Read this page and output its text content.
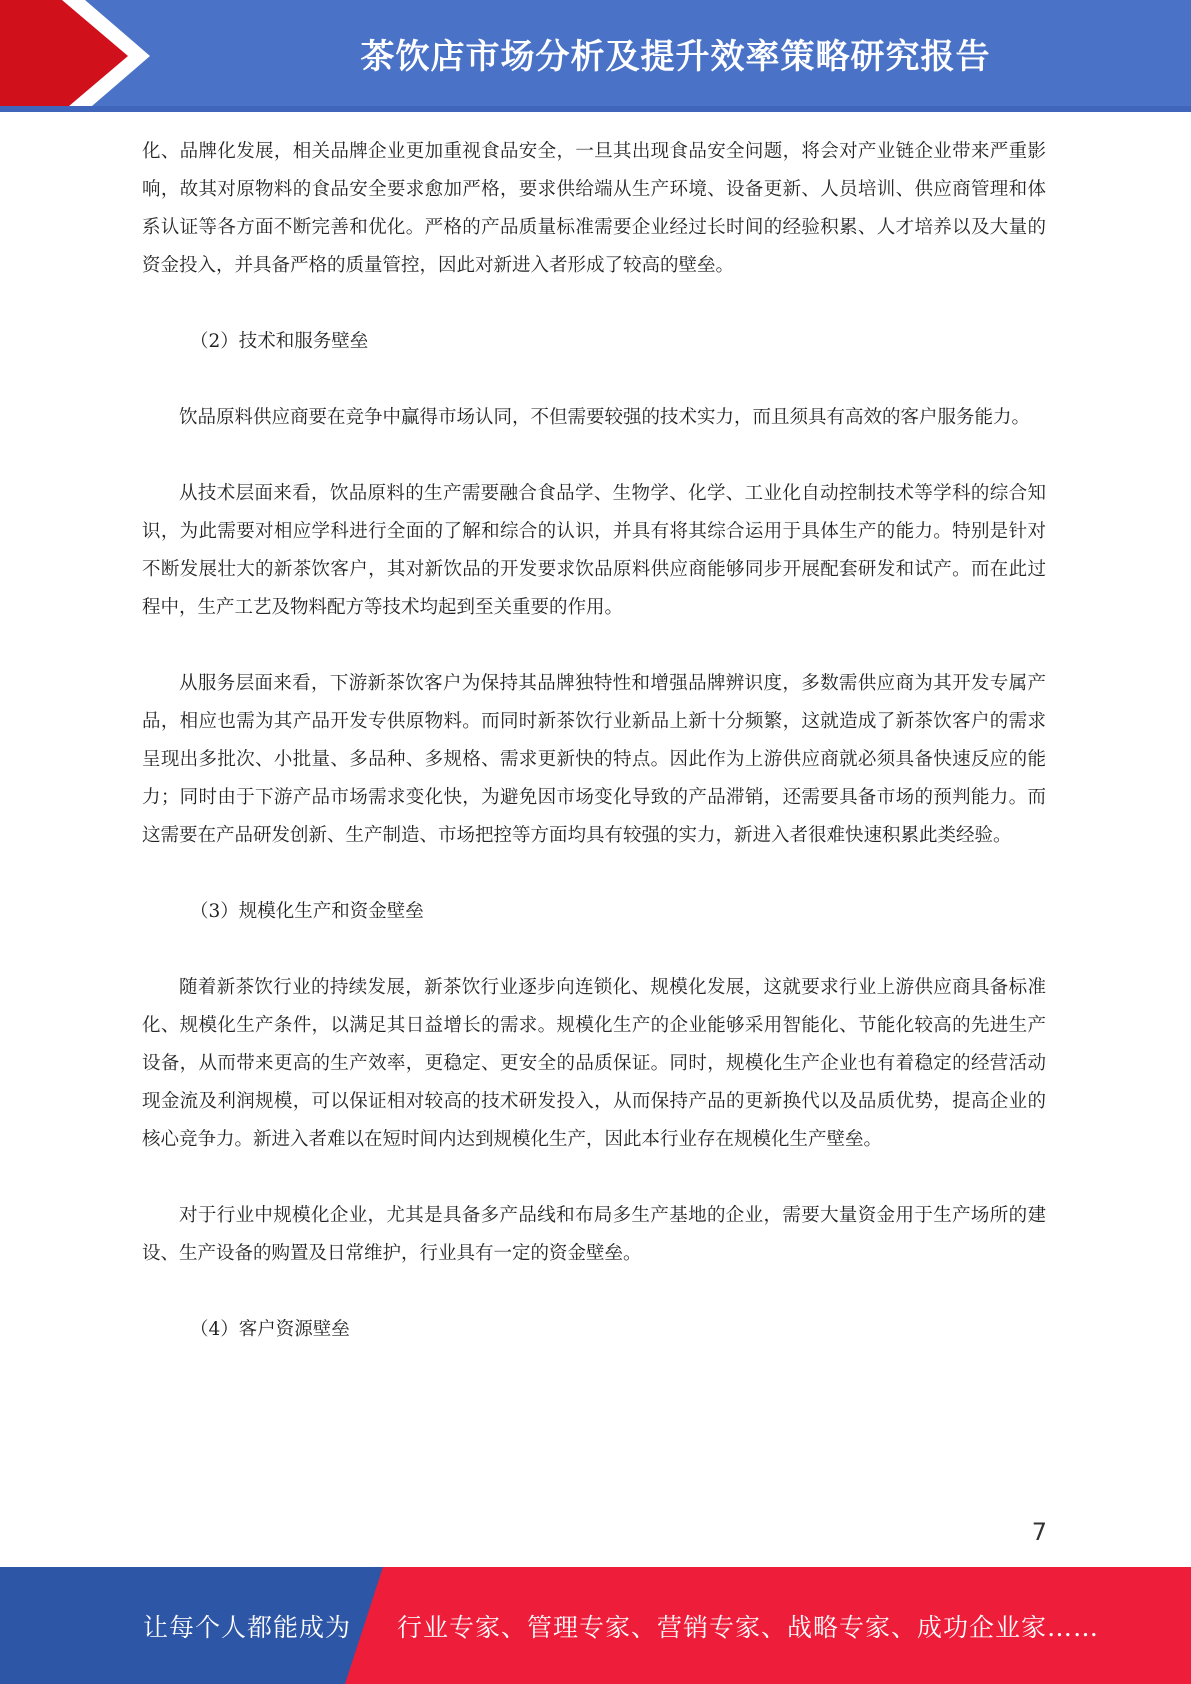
茶饮店市场分析及提升效率策略研究报告

化、品牌化发展，相关品牌企业更加重视食品安全，一旦其出现食品安全问题，将会对产业链企业带来严重影响，故其对原物料的食品安全要求愈加严格，要求供给端从生产环境、设备更新、人员培训、供应商管理和体系认证等各方面不断完善和优化。严格的产品质量标准需要企业经过长时间的经验积累、人才培养以及大量的资金投入，并具备严格的质量管控，因此对新进入者形成了较高的壁垒。

（2）技术和服务壁垒

饮品原料供应商要在竞争中赢得市场认同，不但需要较强的技术实力，而且须具有高效的客户服务能力。

从技术层面来看，饮品原料的生产需要融合食品学、生物学、化学、工业化自动控制技术等学科的综合知识，为此需要对相应学科进行全面的了解和综合的认识，并具有将其综合运用于具体生产的能力。特别是针对不断发展壮大的新茶饮客户，其对新饮品的开发要求饮品原料供应商能够同步开展配套研发和试产。而在此过程中，生产工艺及物料配方等技术均起到至关重要的作用。

从服务层面来看，下游新茶饮客户为保持其品牌独特性和增强品牌辨识度，多数需供应商为其开发专属产品，相应也需为其产品开发专供原物料。而同时新茶饮行业新品上新十分频繁，这就造成了新茶饮客户的需求呈现出多批次、小批量、多品种、多规格、需求更新快的特点。因此作为上游供应商就必须具备快速反应的能力；同时由于下游产品市场需求变化快，为避免因市场变化导致的产品滞销，还需要具备市场的预判能力。而这需要在产品研发创新、生产制造、市场把控等方面均具有较强的实力，新进入者很难快速积累此类经验。

（3）规模化生产和资金壁垒

随着新茶饮行业的持续发展，新茶饮行业逐步向连锁化、规模化发展，这就要求行业上游供应商具备标准化、规模化生产条件，以满足其日益增长的需求。规模化生产的企业能够采用智能化、节能化较高的先进生产设备，从而带来更高的生产效率，更稳定、更安全的品质保证。同时，规模化生产企业也有着稳定的经营活动现金流及利润规模，可以保证相对较高的技术研发投入，从而保持产品的更新换代以及品质优势，提高企业的核心竞争力。新进入者难以在短时间内达到规模化生产，因此本行业存在规模化生产壁垒。

对于行业中规模化企业，尤其是具备多产品线和布局多生产基地的企业，需要大量资金用于生产场所的建设、生产设备的购置及日常维护，行业具有一定的资金壁垒。

（4）客户资源壁垒

7
让每个人都能成为 行业专家、管理专家、营销专家、战略专家、成功企业家……
